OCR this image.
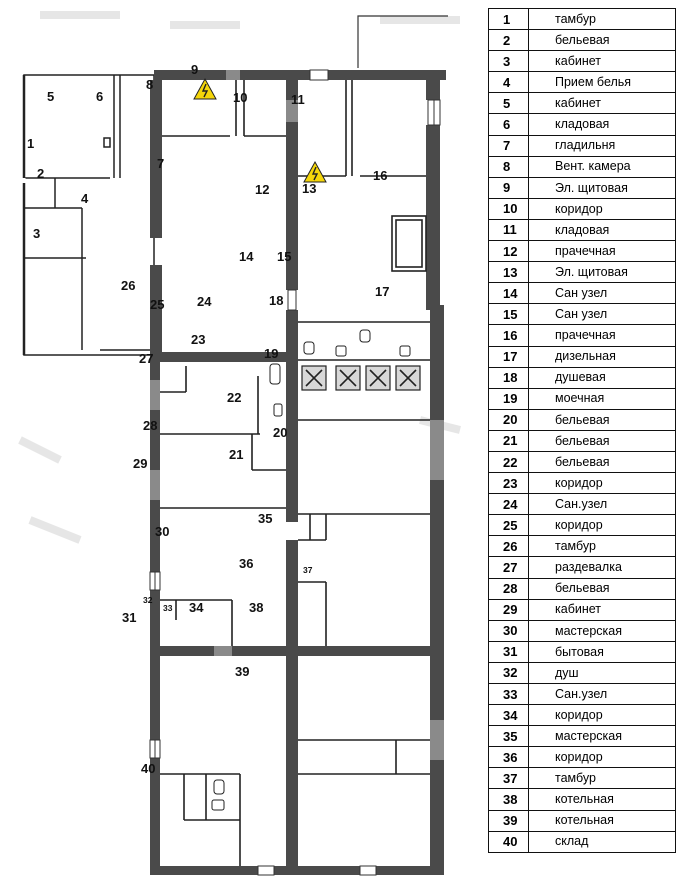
1
2
3
4
5	6
7
8
9
10	11
12	13
14 15
16
17
18
19
20
21
22
23
24
25
26
27
28
29
30
31
32
33 34
35
36	37
38
39
40
1	тамбур
2	бельевая
3	кабинет
4	Прием белья
5	кабинет
6	кладовая
7	гладильня
8	Вент. камера
9	Эл. щитовая
10	коридор
11	кладовая
12	прачечная
13	Эл. щитовая
14	Сан узел
15	Сан узел
16	прачечная
17	дизельная
18	душевая
19	моечная
20	бельевая
21	бельевая
22	бельевая
23	коридор
24	Сан.узел
25	коридор
26	тамбур
27	раздевалка
28	бельевая
29	кабинет
30	мастерская
31	бытовая
32	душ
33	Сан.узел
34	коридор
35	мастерская
36	коридор
37	тамбур
38	котельная
39	котельная
40	склад
